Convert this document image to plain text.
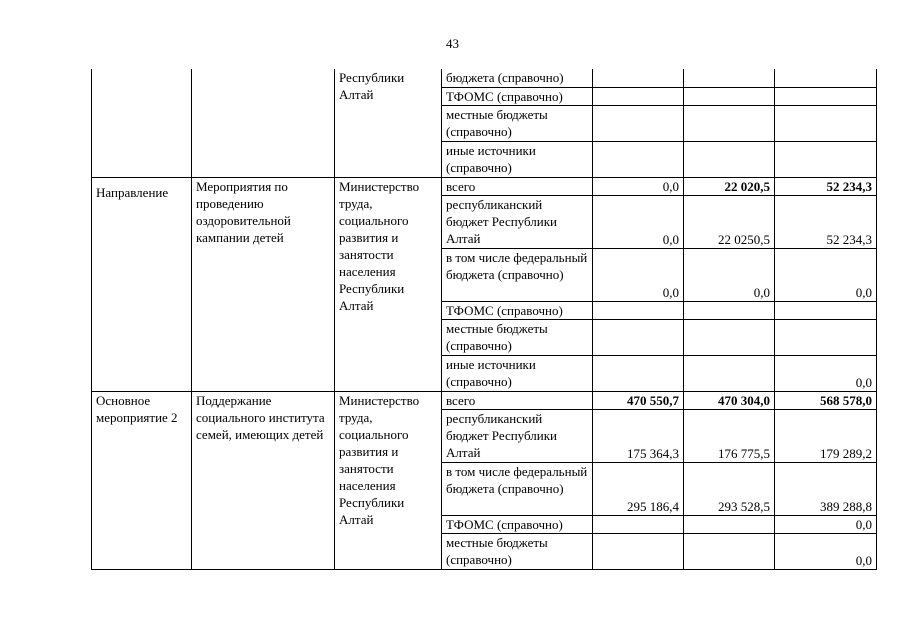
43
		Республики Алтай	бюджета (справочно)			
			ТФОМС (справочно)			
			местные бюджеты (справочно)			
			иные источники (справочно)			
Направление	Мероприятия по проведению оздоровительной кампании детей	Министерство труда, социального развития и занятости населения Республики Алтай	всего	0,0	22 020,5	52 234,3
			республиканский бюджет Республики Алтай	0,0	22 0250,5	52 234,3
			в том числе федеральный бюджета (справочно)	0,0	0,0	0,0
			ТФОМС (справочно)			
			местные бюджеты (справочно)			
			иные источники (справочно)			0,0
Основное мероприятие 2	Поддержание социального института семей, имеющих детей	Министерство труда, социального развития и занятости населения Республики Алтай	всего	470 550,7	470 304,0	568 578,0
			республиканский бюджет Республики Алтай	175 364,3	176 775,5	179 289,2
			в том числе федеральный бюджета (справочно)	295 186,4	293 528,5	389 288,8
			ТФОМС (справочно)			0,0
			местные бюджеты (справочно)			0,0
